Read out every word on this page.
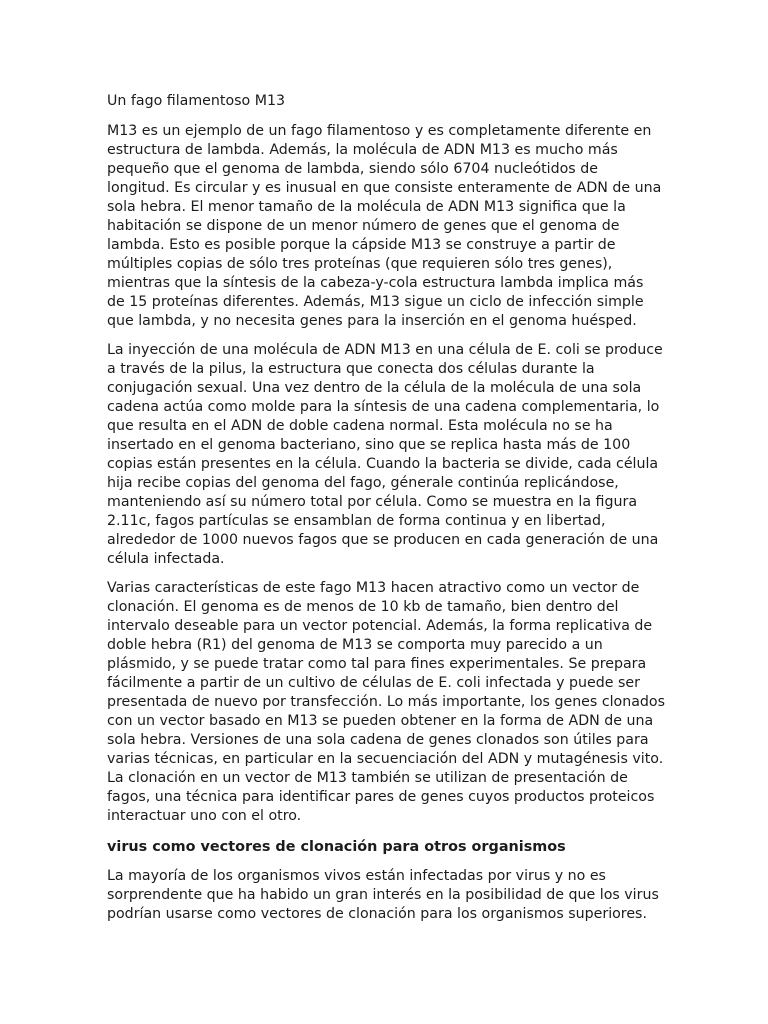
Un fago filamentoso M13

M13 es un ejemplo de un fago filamentoso y es completamente diferente en estructura de lambda. Además, la molécula de ADN M13 es mucho más pequeño que el genoma de lambda, siendo sólo 6704 nucleótidos de longitud. Es circular y es inusual en que consiste enteramente de ADN de una sola hebra. El menor tamaño de la molécula de ADN M13 significa que la habitación se dispone de un menor número de genes que el genoma de lambda. Esto es posible porque la cápside M13 se construye a partir de múltiples copias de sólo tres proteínas (que requieren sólo tres genes), mientras que la síntesis de la cabeza-y-cola estructura lambda implica más de 15 proteínas diferentes. Además, M13 sigue un ciclo de infección simple que lambda, y no necesita genes para la inserción en el genoma huésped.

La inyección de una molécula de ADN M13 en una célula de E. coli se produce a través de la pilus, la estructura que conecta dos células durante la conjugación sexual. Una vez dentro de la célula de la molécula de una sola cadena actúa como molde para la síntesis de una cadena complementaria, lo que resulta en el ADN de doble cadena normal. Esta molécula no se ha insertado en el genoma bacteriano, sino que se replica hasta más de 100 copias están presentes en la célula. Cuando la bacteria se divide, cada célula hija recibe copias del genoma del fago, génerale continúa replicándose, manteniendo así su número total por célula. Como se muestra en la figura 2.11c, fagos partículas se ensamblan de forma continua y en libertad, alrededor de 1000 nuevos fagos que se producen en cada generación de una célula infectada.

Varias características de este fago M13 hacen atractivo como un vector de clonación. El genoma es de menos de 10 kb de tamaño, bien dentro del intervalo deseable para un vector potencial. Además, la forma replicativa de doble hebra (R1) del genoma de M13 se comporta muy parecido a un plásmido, y se puede tratar como tal para fines experimentales. Se prepara fácilmente a partir de un cultivo de células de E. coli infectada y puede ser presentada de nuevo por transfección. Lo más importante, los genes clonados con un vector basado en M13 se pueden obtener en la forma de ADN de una sola hebra. Versiones de una sola cadena de genes clonados son útiles para varias técnicas, en particular en la secuenciación del ADN y mutagénesis vito. La clonación en un vector de M13 también se utilizan de presentación de fagos, una técnica para identificar pares de genes cuyos productos proteicos interactuar uno con el otro.

virus como vectores de clonación para otros organismos

La mayoría de los organismos vivos están infectadas por virus y no es sorprendente que ha habido un gran interés en la posibilidad de que los virus podrían usarse como vectores de clonación para los organismos superiores.
